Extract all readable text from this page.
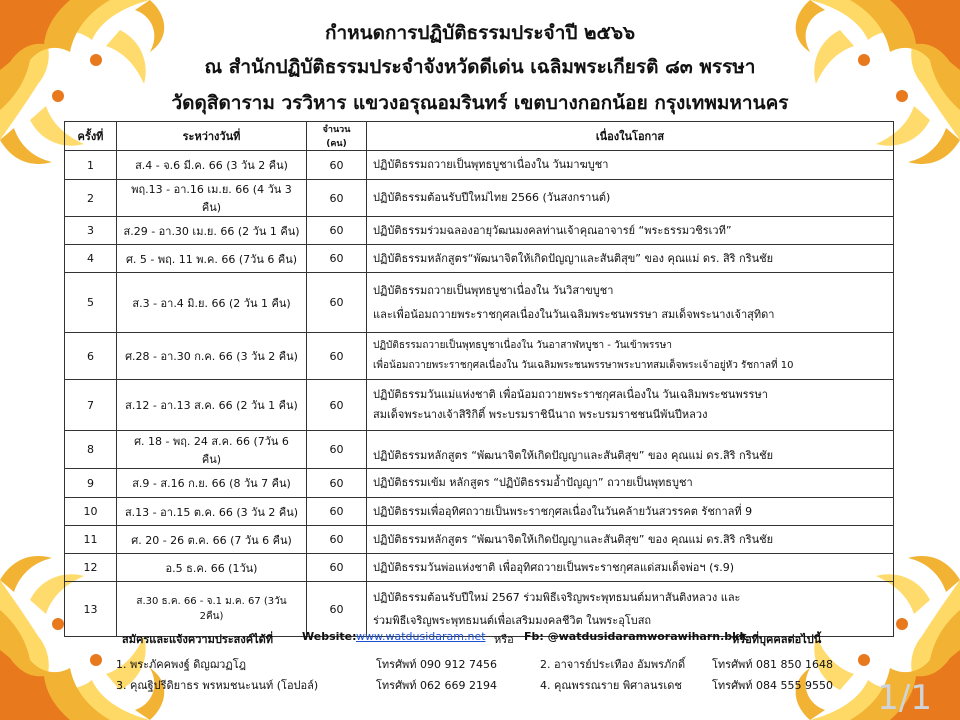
กำหนดการปฏิบัติธรรมประจำปี ๒๕๖๖
ณ สำนักปฏิบัติธรรมประจำจังหวัดดีเด่น เฉลิมพระเกียรติ ๘๓ พรรษา
วัดดุสิดาราม วรวิหาร แขวงอรุณอมรินทร์ เขตบางกอกน้อย กรุงเทพมหานคร
ครั้งที่	ระหว่างวันที่	จำนวน (คน)	เนื่องในโอกาส
1	ส.4 - จ.6 มี.ค. 66 (3 วัน 2 คืน)	60	ปฏิบัติธรรมถวายเป็นพุทธบูชาเนื่องใน วันมาฆบูชา

2	พฤ.13 - อา.16 เม.ย. 66 (4 วัน 3 คืน)	60	ปฏิบัติธรรมต้อนรับปีใหม่ไทย 2566 (วันสงกรานต์)

3	ส.29 - อา.30 เม.ย. 66 (2 วัน 1 คืน)	60	ปฏิบัติธรรมร่วมฉลองอายุวัฒนมงคลท่านเจ้าคุณอาจารย์ “พระธรรมวชิรเวที”

4	ศ. 5 - พฤ. 11 พ.ค. 66 (7วัน 6 คืน)	60	ปฏิบัติธรรมหลักสูตร“พัฒนาจิตให้เกิดปัญญาและสันติสุข” ของ คุณแม่ ดร. สิริ กรินชัย

5	ส.3 - อา.4 มิ.ย. 66 (2 วัน 1 คืน)	60	ปฏิบัติธรรมถวายเป็นพุทธบูชาเนื่องใน วันวิสาขบูชา
และเพื่อน้อมถวายพระราชกุศลเนื่องในวันเฉลิมพระชนพรรษา สมเด็จพระนางเจ้าสุทิดา

6	ศ.28 - อา.30 ก.ค. 66 (3 วัน 2 คืน)	60	ปฏิบัติธรรมถวายเป็นพุทธบูชาเนื่องใน วันอาสาฬหบูชา - วันเข้าพรรษา
เพื่อน้อมถวายพระราชกุศลเนื่องใน วันเฉลิมพระชนพรรษาพระบาทสมเด็จพระเจ้าอยู่หัว รัชกาลที่ 10

7	ส.12 - อา.13 ส.ค. 66 (2 วัน 1 คืน)	60	ปฏิบัติธรรมวันแม่แห่งชาติ เพื่อน้อมถวายพระราชกุศลเนื่องใน วันเฉลิมพระชนพรรษา
สมเด็จพระนางเจ้าสิริกิติ์ พระบรมราชินีนาถ พระบรมราชชนนีพันปีหลวง

8	ศ. 18 - พฤ. 24 ส.ค. 66 (7วัน 6 คืน)	60	ปฏิบัติธรรมหลักสูตร “พัฒนาจิตให้เกิดปัญญาและสันติสุข” ของ คุณแม่ ดร.สิริ กรินชัย

9	ส.9 - ส.16 ก.ย. 66 (8 วัน 7 คืน)	60	ปฏิบัติธรรมเข้ม หลักสูตร “ปฏิบัติธรรมอ้ำปัญญา” ถวายเป็นพุทธบูชา

10	ส.13 - อา.15 ต.ค. 66 (3 วัน 2 คืน)	60	ปฏิบัติธรรมเพื่ออุทิศถวายเป็นพระราชกุศลเนื่องในวันคล้ายวันสวรรคต รัชกาลที่ 9

11	ศ. 20 - 26 ต.ค. 66 (7 วัน 6 คืน)	60	ปฏิบัติธรรมหลักสูตร “พัฒนาจิตให้เกิดปัญญาและสันติสุข” ของ คุณแม่ ดร.สิริ กรินชัย

12	อ.5 ธ.ค. 66 (1วัน)	60	ปฏิบัติธรรมวันพ่อแห่งชาติ เพื่ออุทิศถวายเป็นพระราชกุศลแด่สมเด็จพ่อฯ (ร.9)

13	ส.30 ธ.ค. 66 - จ.1 ม.ค. 67 (3วัน 2คืน)	60	ปฏิบัติธรรมต้อนรับปีใหม่ 2567 ร่วมพิธีเจริญพระพุทธมนต์มหาสันติงหลวง และ
ร่วมพิธีเจริญพระพุทธมนต์เพื่อเสริมมงคลชีวิต ในพระอุโบสถ
สมัครและแจ้งความประสงค์ได้ที่	Website: www.watdusidaram.net หรือ Fb: @watdusidaramworawiharn.bkk
หรือที่บุคคลต่อไปนี้
1. พระภัคคพงฐ์ ดิญฌวฏโฎ	โทรศัพท์ 090 912 7456	2. อาจารย์ประเทือง อัมพรภักดิ์ โทรศัพท์ 081 850 1648
3. คุณฐิปรีดิยาธร พรหมชนะนนท์ (โอปอล์)	โทรศัพท์ 062 669 2194	4. คุณพรรณราย พิศาลนรเดช	โทรศัพท์ 084 555 9550 1/1
